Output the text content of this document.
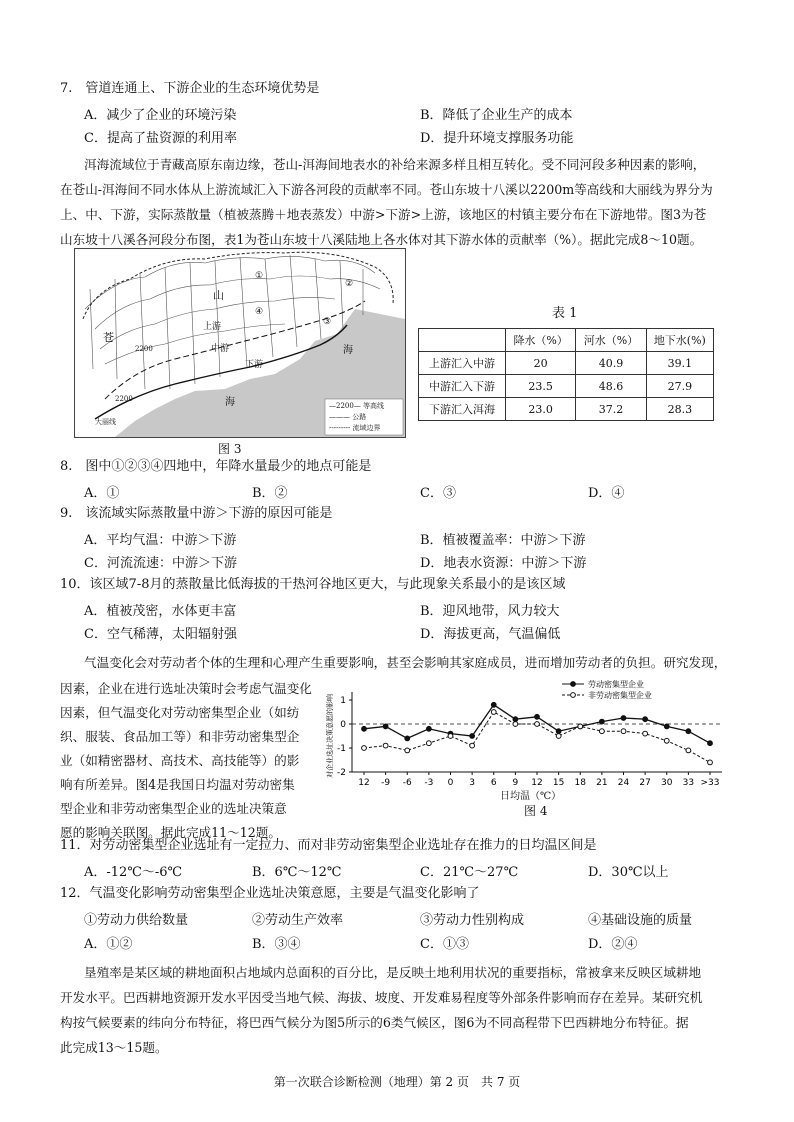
7.　管道连通上、下游企业的生态环境优势是
A．减少了企业的环境污染	B．降低了企业生产的成本
C．提高了盐资源的利用率	D．提升环境支撑服务功能
洱海流域位于青藏高原东南边缘，苍山-洱海间地表水的补给来源多样且相互转化。受不同河段多种因素的影响，
在苍山-洱海间不同水体从上游流域汇入下游各河段的贡献率不同。苍山东坡十八溪以2200m等高线和大丽线为界分为
上、中、下游，实际蒸散量（植被蒸腾＋地表蒸发）中游>下游>上游，该地区的村镇主要分布在下游地带。图3为苍
山东坡十八溪各河段分布图，表1为苍山东坡十八溪陆地上各水体对其下游水体的贡献率（%）。据此完成8～10题。
苍
山
上游
中游
下游
海
海
2200
2200
大丽线
①
②
③
④
—2200— 等高线
——— 公路
--------- 流域边界
图 3
表 1
	降水（%）	河水（%）	地下水(%)
上游汇入中游	20	40.9	39.1
中游汇入下游	23.5	48.6	27.9
下游汇入洱海	23.0	37.2	28.3
8.　图中①②③④四地中，年降水量最少的地点可能是
A．①	B．②	C．③	D．④
9.　该流域实际蒸散量中游＞下游的原因可能是
A．平均气温：中游＞下游	B．植被覆盖率：中游＞下游
C．河流流速：中游＞下游	D．地表水资源：中游＞下游
10．该区域7-8月的蒸散量比低海拔的干热河谷地区更大，与此现象关系最小的是该区域
A．植被茂密，水体更丰富	B．迎风地带，风力较大
C．空气稀薄，太阳辐射强	D．海拔更高，气温偏低
气温变化会对劳动者个体的生理和心理产生重要影响，甚至会影响其家庭成员，进而增加劳动者的负担。研究发现，
因素，企业在进行选址决策时会考虑气温变化
因素，但气温变化对劳动密集型企业（如纺
织、服装、食品加工等）和非劳动密集型企
业（如精密器材、高技术、高技能等）的影
响有所差异。图4是我国日均温对劳动密集
型企业和非劳动密集型企业的选址决策意
愿的影响关联图。据此完成11～12题。
1
0
-1
-2
对企业选址决策意愿的影响
12 -9 -6 -3 0 3 6 9 12 15 18 21 24 27 30 33 >33
劳动密集型企业
非劳动密集型企业
日均温（℃）
图 4
11．对劳动密集型企业选址有一定拉力、而对非劳动密集型企业选址存在推力的日均温区间是
A．-12℃～-6℃	B．6℃～12℃	C．21℃～27℃	D．30℃以上
12．气温变化影响劳动密集型企业选址决策意愿，主要是气温变化影响了
①劳动力供给数量	②劳动生产效率	③劳动力性别构成	④基础设施的质量
A．①②	B．③④	C．①③	D．②④
垦殖率是某区域的耕地面积占地域内总面积的百分比，是反映土地利用状况的重要指标，常被拿来反映区域耕地
开发水平。巴西耕地资源开发水平因受当地气候、海拔、坡度、开发难易程度等外部条件影响而存在差异。某研究机
构按气候要素的纬向分布特征，将巴西气候分为图5所示的6类气候区，图6为不同高程带下巴西耕地分布特征。据
此完成13～15题。
第一次联合诊断检测（地理）第 2 页　共 7 页
